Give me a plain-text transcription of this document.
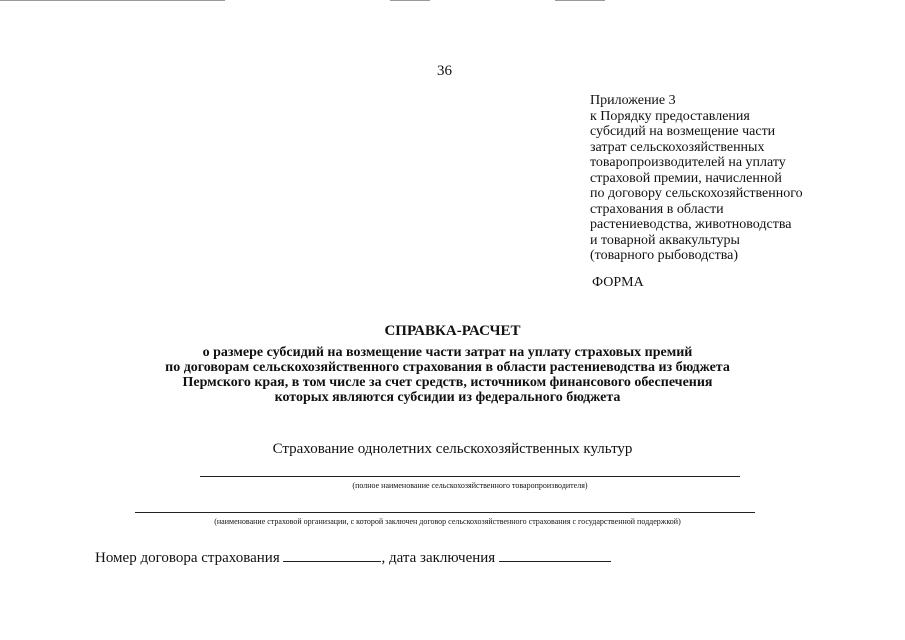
36
Приложение 3
к Порядку предоставления
субсидий на возмещение части
затрат сельскохозяйственных
товаропроизводителей на уплату
страховой премии, начисленной
по договору сельскохозяйственного
страхования в области
растениеводства, животноводства
и товарной аквакультуры
(товарного рыбоводства)
ФОРМА
СПРАВКА-РАСЧЕТ
о размере субсидий на возмещение части затрат на уплату страховых премий
по договорам сельскохозяйственного страхования в области растениеводства из бюджета
Пермского края, в том числе за счет средств, источником финансового обеспечения
которых являются субсидии из федерального бюджета
Страхование однолетних сельскохозяйственных культур
(полное наименование сельскохозяйственного товаропроизводителя)
(наименование страховой организации, с которой заключен договор сельскохозяйственного страхования с государственной поддержкой)
Номер договора страхования	, дата заключения
